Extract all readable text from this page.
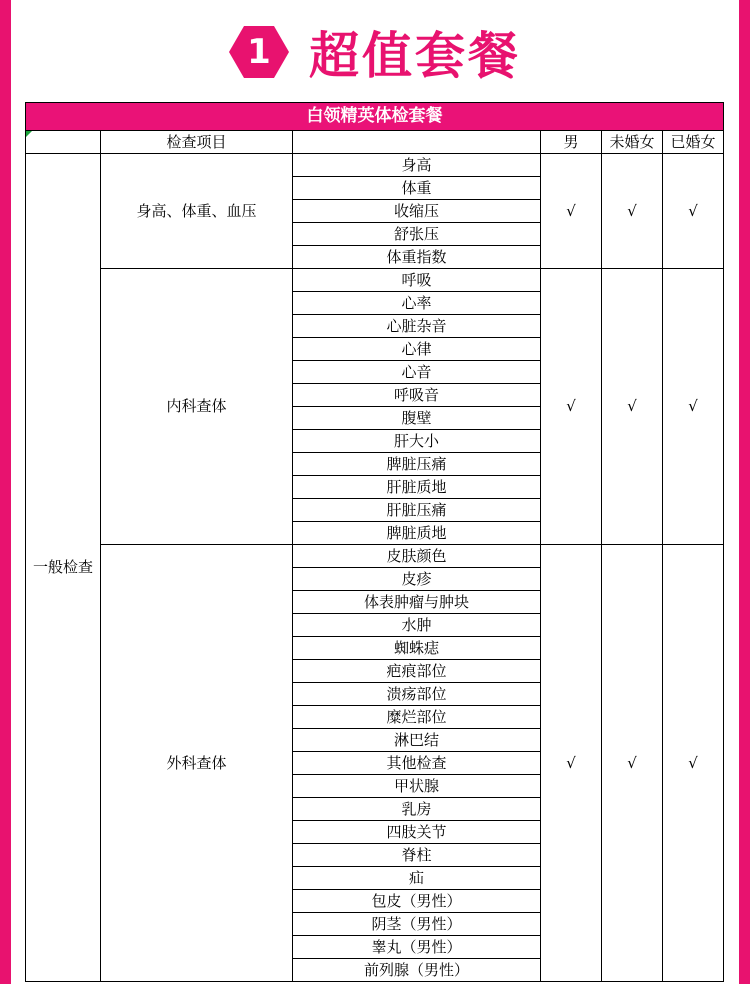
1 超值套餐
白领精英体检套餐					
	检查项目		男	未婚女	已婚女
一般检查	身高、体重、血压	身高	√	√	√
		体重			
		收缩压			
		舒张压			
		体重指数			
	内科查体	呼吸	√	√	√
		心率			
		心脏杂音			
		心律			
		心音			
		呼吸音			
		腹壁			
		肝大小			
		脾脏压痛			
		肝脏质地			
		肝脏压痛			
		脾脏质地			
	外科查体	皮肤颜色	√	√	√
		皮疹			
		体表肿瘤与肿块			
		水肿			
		蜘蛛痣			
		疤痕部位			
		溃疡部位			
		糜烂部位			
		淋巴结			
		其他检查			
		甲状腺			
		乳房			
		四肢关节			
		脊柱			
		疝			
		包皮（男性）			
		阴茎（男性）			
		睾丸（男性）			
		前列腺（男性）			
